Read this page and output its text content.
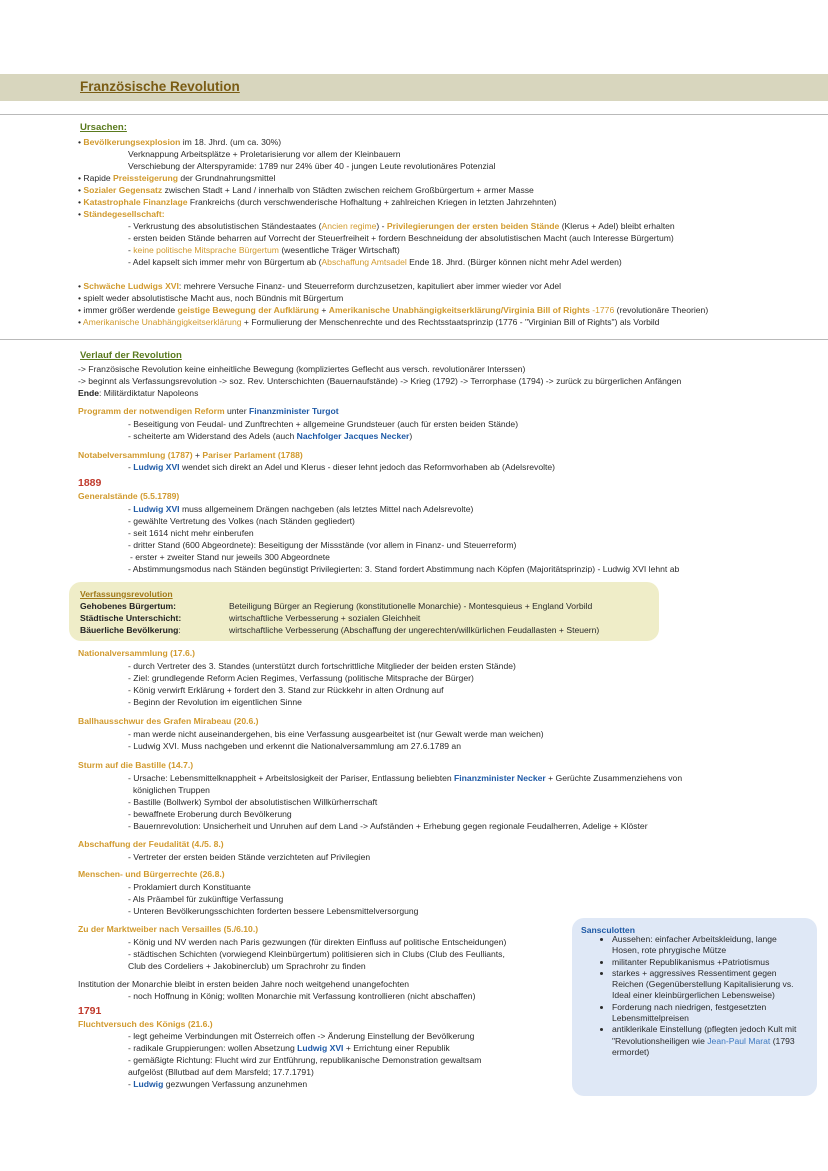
Französische Revolution
Ursachen:
• Bevölkerungsexplosion im 18. Jhrd. (um ca. 30%)
Verknappung Arbeitsplätze + Proletarisierung vor allem der Kleinbauern
Verschiebung der Alterspyramide: 1789 nur 24% über 40 - jungen Leute revolutionäres Potenzial
• Rapide Preissteigerung der Grundnahrungsmittel
• Sozialer Gegensatz zwischen Stadt + Land / innerhalb von Städten zwischen reichem Großbürgertum + armer Masse
• Katastrophale Finanzlage Frankreichs (durch verschwenderische Hofhaltung + zahlreichen Kriegen in letzten Jahrzehnten)
• Ständegesellschaft:
- Verkrustung des absolutistischen Ständestaates (Ancien regime) - Privilegierungen der ersten beiden Stände (Klerus + Adel) bleibt erhalten
- ersten beiden Stände beharren auf Vorrecht der Steuerfreiheit + fordern Beschneidung der absolutistischen Macht (auch Interesse Bürgertum)
- keine politische Mitsprache Bürgertum (wesentliche Träger Wirtschaft)
- Adel kapselt sich immer mehr von Bürgertum ab (Abschaffung Amtsadel Ende 18. Jhrd. (Bürger können nicht mehr Adel werden)
• Schwäche Ludwigs XVI: mehrere Versuche Finanz- und Steuerreform durchzusetzen, kapituliert aber immer wieder vor Adel
• spielt weder absolutistische Macht aus, noch Bündnis mit Bürgertum
• immer größer werdende geistige Bewegung der Aufklärung + Amerikanische Unabhängigkeitserklärung/Virginia Bill of Rights -1776 (revolutionäre Theorien)
• Amerikanische Unabhängigkeitserklärung + Formulierung der Menschenrechte und des Rechtsstaatsprinzip (1776 - "Virginian Bill of Rights") als Vorbild
Verlauf der Revolution
-> Französische Revolution keine einheitliche Bewegung (kompliziertes Geflecht aus versch. revolutionärer Interssen)
-> beginnt als Verfassungsrevolution -> soz. Rev. Unterschichten (Bauernaufstände) -> Krieg (1792) -> Terrorphase (1794) -> zurück zu bürgerlichen Anfängen
Ende: Militärdiktatur Napoleons
Programm der notwendigen Reform unter Finanzminister Turgot
- Beseitigung von Feudal- und Zunftrechten + allgemeine Grundsteuer (auch für ersten beiden Stände)
- scheiterte am Widerstand des Adels (auch Nachfolger Jacques Necker)
Notabelversammlung (1787) + Pariser Parlament (1788)
- Ludwig XVI wendet sich direkt an Adel und Klerus - dieser lehnt jedoch das Reformvorhaben ab (Adelsrevolte)
1889
Generalstände (5.5.1789)
- Ludwig XVI muss allgemeinem Drängen nachgeben (als letztes Mittel nach Adelsrevolte)
- gewählte Vertretung des Volkes (nach Ständen gegliedert)
- seit 1614 nicht mehr einberufen
- dritter Stand (600 Abgeordnete): Beseitigung der Missstände (vor allem in Finanz- und Steuerreform)
- erster + zweiter Stand nur jeweils 300 Abgeordnete
- Abstimmungsmodus nach Ständen begünstigt Privilegierten: 3. Stand fordert Abstimmung nach Köpfen (Majoritätsprinzip) - Ludwig XVI lehnt ab
Verfassungsrevolution
Gehobenes Bürgertum:	Beteiligung Bürger an Regierung (konstitutionelle Monarchie) - Montesquieus + England Vorbild
Städtische Unterschicht:	wirtschaftliche Verbesserung + sozialen Gleichheit
Bäuerliche Bevölkerung:	wirtschaftliche Verbesserung (Abschaffung der ungerechten/willkürlichen Feudallasten + Steuern)
Nationalversammlung (17.6.)
- durch Vertreter des 3. Standes (unterstützt durch fortschrittliche Mitglieder der beiden ersten Stände)
- Ziel: grundlegende Reform Acien Regimes, Verfassung (politische Mitsprache der Bürger)
- König verwirft Erklärung + fordert den 3. Stand zur Rückkehr in alten Ordnung auf
- Beginn der Revolution im eigentlichen Sinne
Ballhausschwur des Grafen Mirabeau (20.6.)
- man werde nicht auseinandergehen, bis eine Verfassung ausgearbeitet ist (nur Gewalt werde man weichen)
- Ludwig XVI. Muss nachgeben und erkennt die Nationalversammlung am 27.6.1789 an
Sturm auf die Bastille (14.7.)
- Ursache: Lebensmittelknappheit + Arbeitslosigkeit der Pariser, Entlassung beliebten Finanzminister Necker + Gerüchte Zusammenziehens von
königlichen Truppen
- Bastille (Bollwerk) Symbol der absolutistischen Willkürherrschaft
- bewaffnete Eroberung durch Bevölkerung
- Bauernrevolution: Unsicherheit und Unruhen auf dem Land -> Aufständen + Erhebung gegen regionale Feudalherren, Adelige + Klöster
Abschaffung der Feudalität (4./5. 8.)
- Vertreter der ersten beiden Stände verzichteten auf Privilegien
Menschen- und Bürgerrechte (26.8.)
- Proklamiert durch Konstituante
- Als Präambel für zukünftige Verfassung
- Unteren Bevölkerungsschichten forderten bessere Lebensmittelversorgung
Zu der Marktweiber nach Versailles (5./6.10.)
- König und NV werden nach Paris gezwungen (für direkten Einfluss auf politische Entscheidungen)
- städtischen Schichten (vorwiegend Kleinbürgertum) politisieren sich in Clubs (Club des Feulliants,
Club des Cordeliers + Jakobinerclub) um Sprachrohr zu finden
Institution der Monarchie bleibt in ersten beiden Jahre noch weitgehend unangefochten
- noch Hoffnung in König; wollten Monarchie mit Verfassung kontrollieren (nicht abschaffen)
1791
Fluchtversuch des Königs (21.6.)
- legt geheime Verbindungen mit Österreich offen -> Änderung Einstellung der Bevölkerung
- radikale Gruppierungen: wollen Absetzung Ludwig XVI + Errichtung einer Republik
- gemäßigte Richtung: Flucht wird zur Entführung, republikanische Demonstration gewaltsam
aufgelöst (Bllutbad auf dem Marsfeld; 17.7.1791)
- Ludwig gezwungen Verfassung anzunehmen
Sansculotten
• Aussehen: einfacher Arbeitskleidung, lange Hosen, rote phrygische Mütze
• militanter Republikanismus +Patriotismus
• starkes + aggressives Ressentiment gegen Reichen (Gegenüberstellung Kapitalisierung vs. Ideal einer kleinbürgerlichen Lebensweise)
• Forderung nach niedrigen, festgesetzten Lebensmittelpreisen
• antiklerikale Einstellung (pflegten jedoch Kult mit "Revolutionsheiligen wie Jean-Paul Marat (1793 ermordet)
